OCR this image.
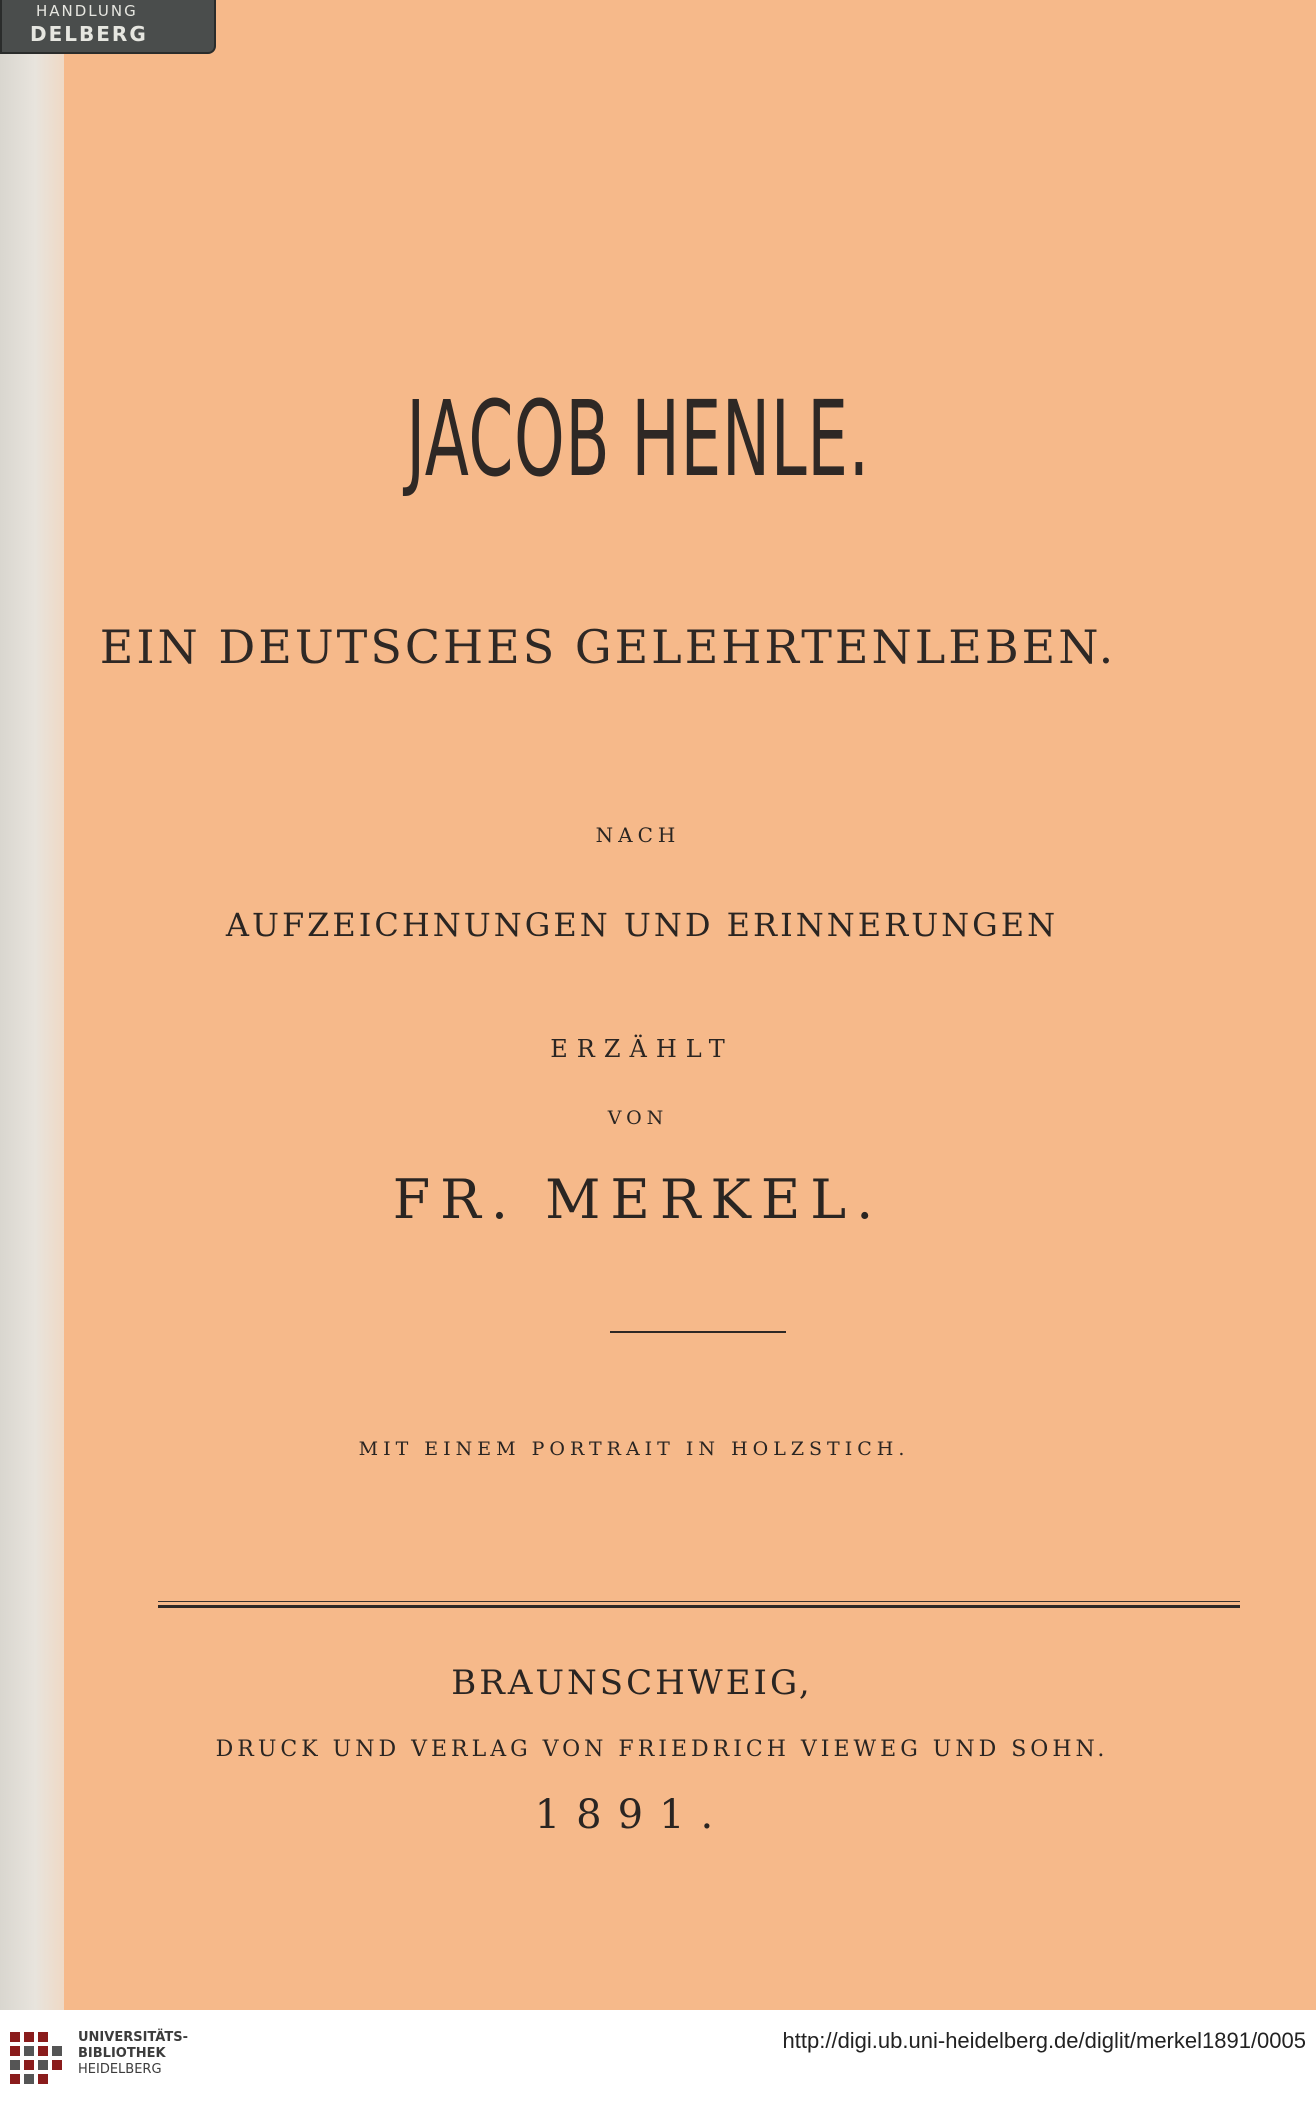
HANDLUNG
DELBERG
JACOB HENLE.
EIN DEUTSCHES GELEHRTENLEBEN.
NACH
AUFZEICHNUNGEN UND ERINNERUNGEN
ERZÄHLT
VON
FR. MERKEL.
MIT EINEM PORTRAIT IN HOLZSTICH.
BRAUNSCHWEIG,
DRUCK UND VERLAG VON FRIEDRICH VIEWEG UND SOHN.
1891.
UNIVERSITÄTS-
BIBLIOTHEK
HEIDELBERG
http://digi.ub.uni-heidelberg.de/diglit/merkel1891/0005
